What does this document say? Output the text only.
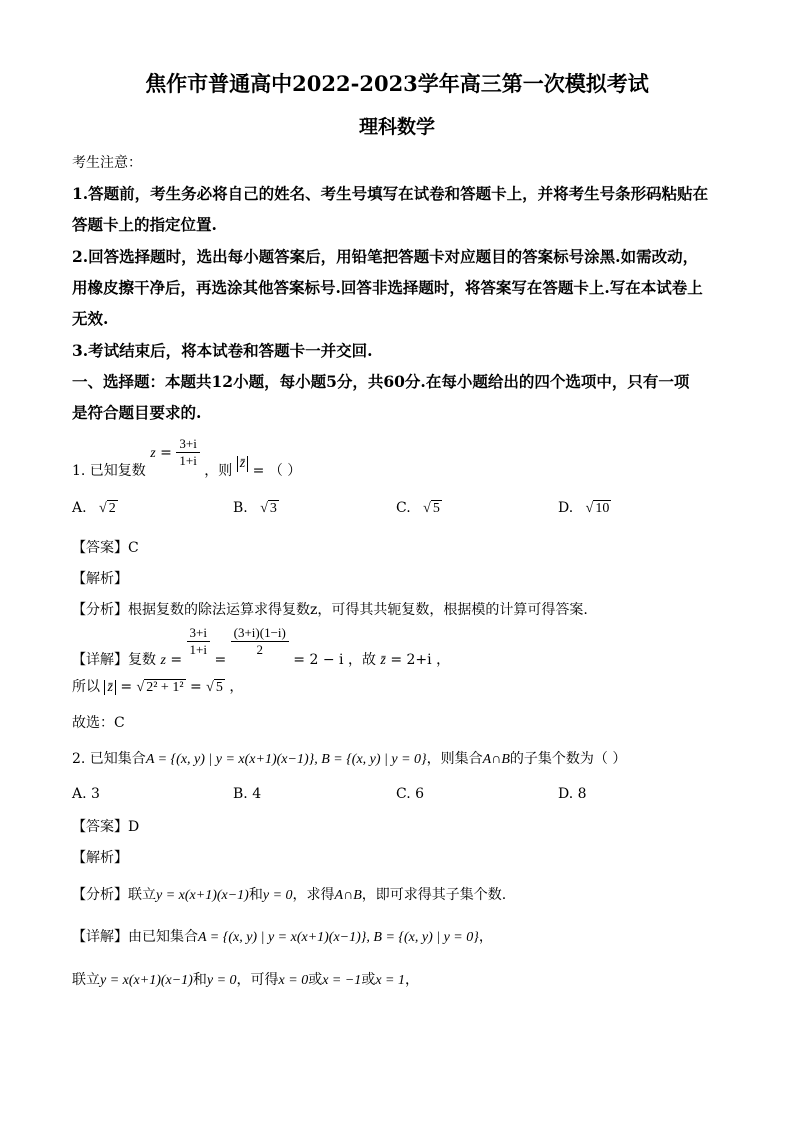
焦作市普通高中2022-2023学年高三第一次模拟考试
理科数学
考生注意：
1.答题前，考生务必将自己的姓名、考生号填写在试卷和答题卡上，并将考生号条形码粘贴在
答题卡上的指定位置.
2.回答选择题时，选出每小题答案后，用铅笔把答题卡对应题目的答案标号涂黑.如需改动，
用橡皮擦干净后，再选涂其他答案标号.回答非选择题时，将答案写在答题卡上.写在本试卷上
无效.
3.考试结束后，将本试卷和答题卡一并交回.
一、选择题：本题共12小题，每小题5分，共60分.在每小题给出的四个选项中，只有一项
是符合题目要求的.
1. 已知复数 $z = \frac{3+i}{1+i}$
，则 z̄ = （ ）
A. √ 2	B. √ 3	C. √ 5	D. √ 10
【答案】C
【解析】
【分析】根据复数的除法运算求得复数z，可得其共轭复数，根据模的计算可得答案.
【详解】复数 z =
$\frac{3+i}{1+i}$
=
$\frac{(3+i)(1-i)}{2}$
= 2 − i ，故 z̄ = 2+i ，
所以 z̄ = √ 2² + 1² = √ 5 ，
故选：C
2. 已知集合A = {(x, y) | y = x(x+1)(x−1)}, B = {(x, y) | y = 0}，则集合A∩B的子集个数为（ ）
A. 3	B. 4	C. 6	D. 8
【答案】D
【解析】
【分析】联立y = x(x+1)(x−1)和y = 0，求得A∩B，即可求得其子集个数.
【详解】由已知集合A = {(x, y) | y = x(x+1)(x−1)}, B = {(x, y) | y = 0}，
联立y = x(x+1)(x−1)和y = 0，可得x = 0或x = −1或x = 1，
